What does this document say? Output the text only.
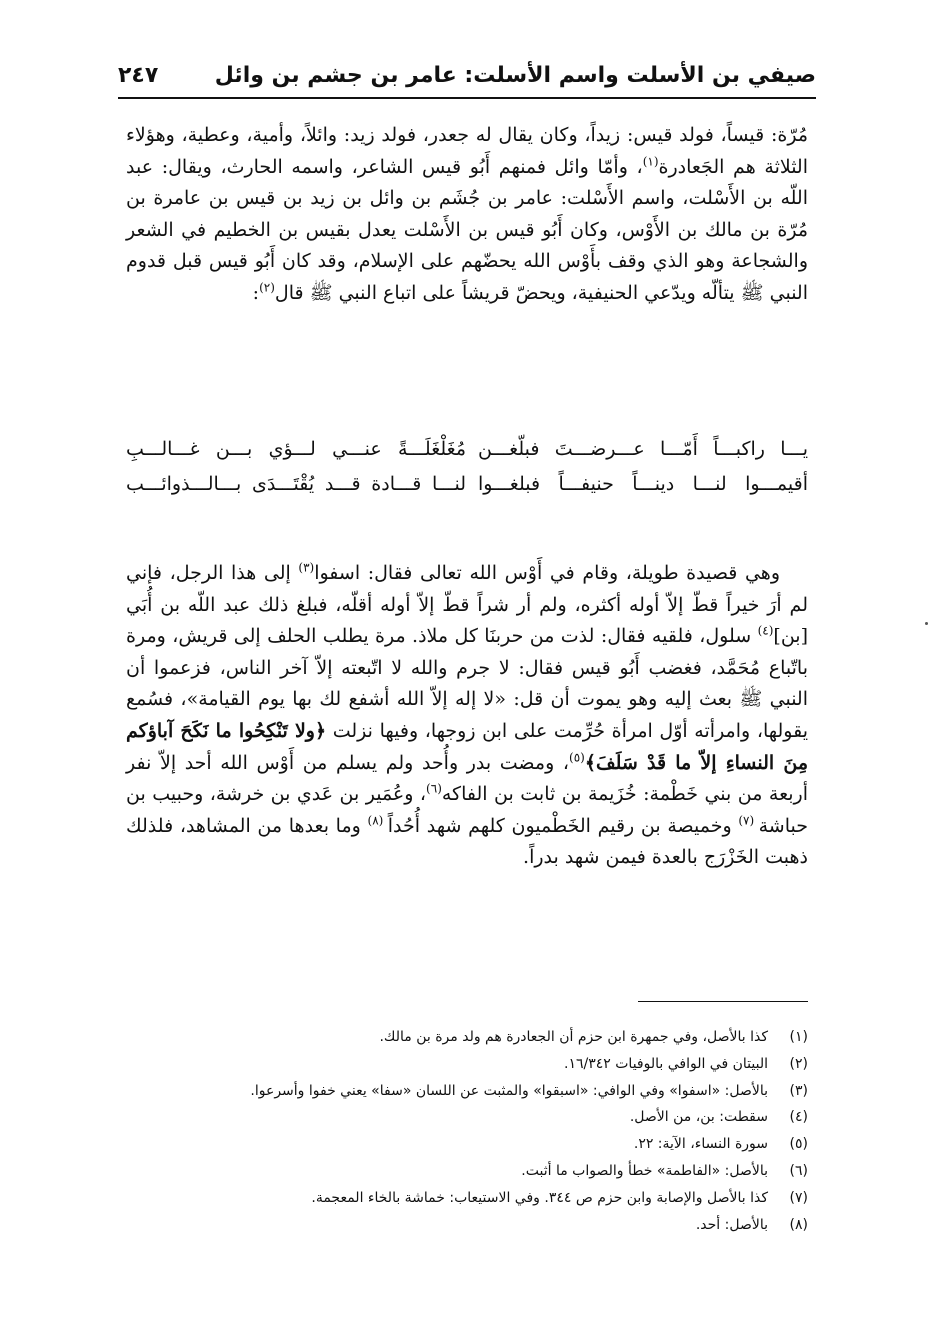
صيفي بن الأسلت واسم الأسلت: عامر بن جشم بن وائل
٢٤٧

مُرّة: قيساً، فولد قيس: زيداً، وكان يقال له جعدر، فولد زيد: وائلاً، وأمية، وعطية، وهؤلاء الثلاثة هم الجَعادرة$^{(١)}$، وأمّا وائل فمنهم أَبُو قيس الشاعر، واسمه الحارث، ويقال: عبد اللّه بن الأَسْلت، واسم الأَسْلت: عامر بن جُشَم بن وائل بن زيد بن قيس بن عامرة بن مُرّة بن مالك بن الأَوْس، وكان أَبُو قيس بن الأَسْلت يعدل بقيس بن الخطيم في الشعر والشجاعة وهو الذي وقف بأَوْس الله يحضّهم على الإسلام، وقد كان أَبُو قيس قبل قدوم النبي ﷺ يتألّه ويدّعي الحنيفية، ويحضّ قريشاً على اتباع النبي ﷺ قال$^{(٢)}$:

يـــا راكبـــاً أَمّـــا عـــرضـــتَ فبلّغـــن
مُغَلْغَلَـــةً عنـــي لـــؤي بـــن غـــالـــبِ
أقيمـــوا لنـــا دينـــاً حنيفـــاً فبلغـــوا
لنـــا قـــادة قـــد يُقْتَـــدَى بـــالـــذوائـــب

وهي قصيدة طويلة، وقام في أَوْس الله تعالى فقال: اسفوا$^{(٣)}$ إلى هذا الرجل، فإني لم أرَ خيراً قطّ إلاّ أوله أكثره، ولم أر شراً قطّ إلاّ أوله أقلّه، فبلغ ذلك عبد اللّه بن أُبَي [بن]$^{(٤)}$ سلول، فلقيه فقال: لذت من حربنَا كل ملاذ. مرة يطلب الحلف إلى قريش، ومرة باتّباع مُحَمَّد، فغضب أَبُو قيس فقال: لا جرم والله لا اتّبعته إلاّ آخر الناس، فزعموا أن النبي ﷺ بعث إليه وهو يموت أن قل: «لا إله إلاّ الله أشفع لك بها يوم القيامة»، فسُمع يقولها، وامرأته أوّل امرأة حُرِّمت على ابن زوجها، وفيها نزلت ﴿ولا تَنْكِحُوا ما نَكَحَ آباؤكم مِنَ النساءِ إلاّ ما قَدْ سَلَفَ﴾$^{(٥)}$، ومضت بدر وأُحد ولم يسلم من أَوْس الله أحد إلاّ نفر أربعة من بني خَطْمة: خُزَيمة بن ثابت بن الفاكه$^{(٦)}$، وعُمَير بن عَدي بن خرشة، وحبيب بن حباشة $^{(٧)}$ وخميصة بن رقيم الخَطْميون كلهم شهد أُحُداً $^{(٨)}$ وما بعدها من المشاهد، فلذلك ذهبت الخَزْرَج بالعدة فيمن شهد بدراً.

(١)كذا بالأصل، وفي جمهرة ابن حزم أن الجعادرة هم ولد مرة بن مالك.
(٢)البيتان في الوافي بالوفيات ١٦/٣٤٢.
(٣)بالأصل: «اسفوا» وفي الوافي: «اسبقوا» والمثبت عن اللسان «سفا» يعني خفوا وأسرعوا.
(٤)سقطت: بن، من الأصل.
(٥)سورة النساء، الآية: ٢٢.
(٦)بالأصل: «الفاطمة» خطأ والصواب ما أثبت.
(٧)كذا بالأصل والإصابة وابن حزم ص ٣٤٤. وفي الاستيعاب: خماشة بالخاء المعجمة.
(٨)بالأصل: أحد.
